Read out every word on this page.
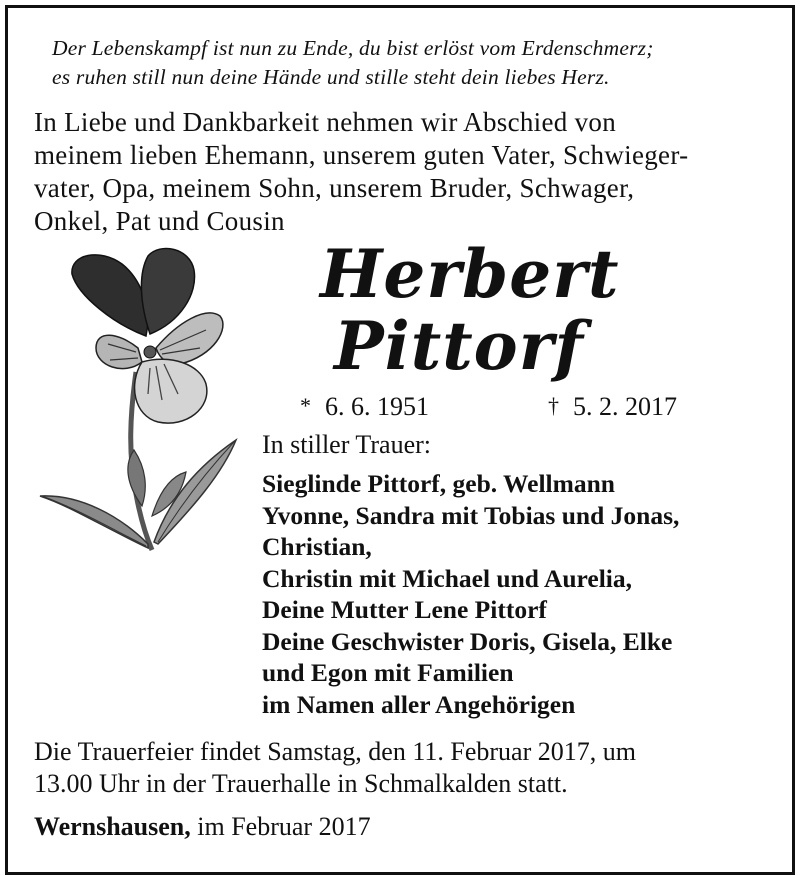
Der Lebenskampf ist nun zu Ende, du bist erlöst vom Erdenschmerz;
es ruhen still nun deine Hände und stille steht dein liebes Herz.
In Liebe und Dankbarkeit nehmen wir Abschied von
meinem lieben Ehemann, unserem guten Vater, Schwieger-
vater, Opa, meinem Sohn, unserem Bruder, Schwager,
Onkel, Pat und Cousin
Herbert
Pittorf
* 6. 6. 1951	† 5. 2. 2017
In stiller Trauer:
Sieglinde Pittorf, geb. Wellmann
Yvonne, Sandra mit Tobias und Jonas,
Christian,
Christin mit Michael und Aurelia,
Deine Mutter Lene Pittorf
Deine Geschwister Doris, Gisela, Elke
und Egon mit Familien
im Namen aller Angehörigen
Die Trauerfeier findet Samstag, den 11. Februar 2017, um
13.00 Uhr in der Trauerhalle in Schmalkalden statt.
Wernshausen, im Februar 2017
